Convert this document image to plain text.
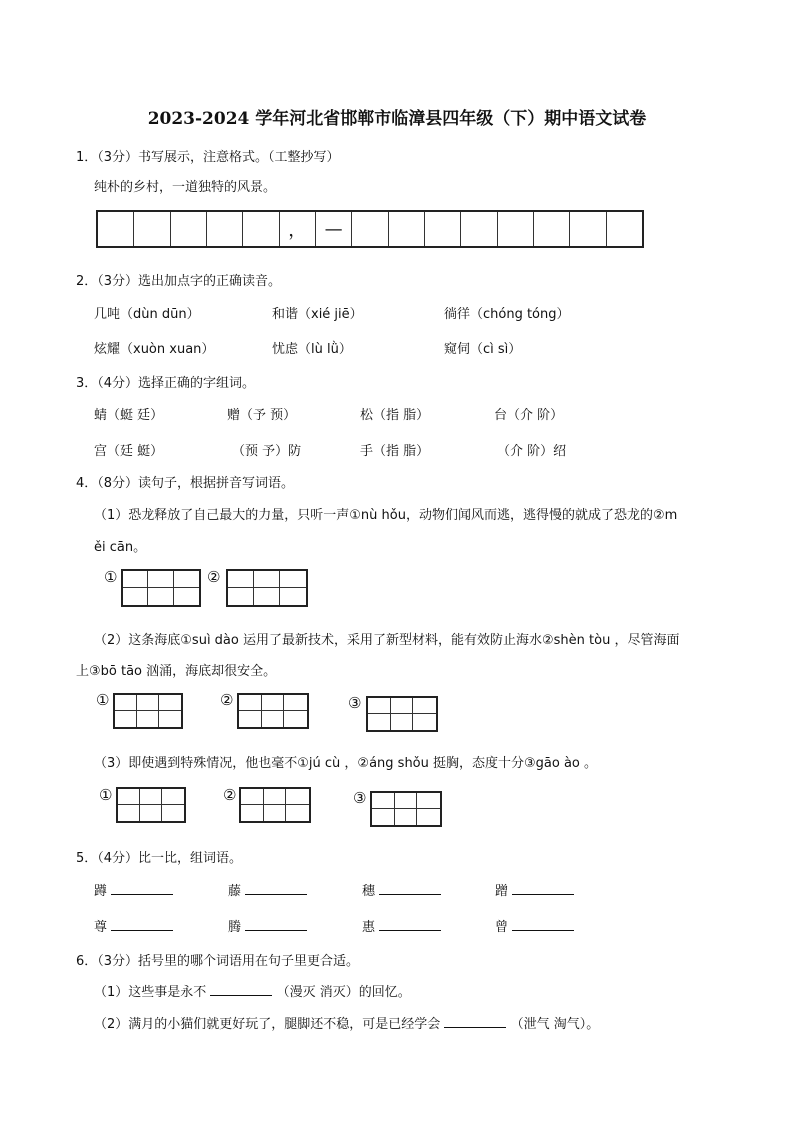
2023-2024 学年河北省邯郸市临漳县四年级（下）期中语文试卷
1．（3分）书写展示，注意格式。（工整抄写）
纯朴的乡村，一道独特的风景。
，	—
2．（3分）选出加点字的正确读音。
几吨（dùn dūn）	和谐（xié jiē）	徜徉（chóng tóng）
炫耀（xuòn xuan）	忧虑（lù lǜ）	窥伺（cì sì）
3．（4分）选择正确的字组词。
蜻（蜓 廷）	赠（予 预）	松（指 脂）	台（介 阶）
宫（廷 蜓）	（预 予）防	手（指 脂）	（介 阶）绍
4．（8分）读句子，根据拼音写词语。
（1）恐龙释放了自己最大的力量，只听一声①nù hǒu，动物们闻风而逃，逃得慢的就成了恐龙的②m
ěi cān。
①	②
（2）这条海底①suì dào 运用了最新技术，采用了新型材料，能有效防止海水②shèn tòu ，尽管海面
上③bō tāo 汹涌，海底却很安全。
①	②	③
（3）即使遇到特殊情况，他也毫不①jú cù ，②áng shǒu 挺胸，态度十分③gāo ào 。
①	②	③
5．（4分）比一比，组词语。
蹲	藤	穗	蹭
尊	腾	惠	曾
6．（3分）括号里的哪个词语用在句子里更合适。
（1）这些事是永不	（漫灭 消灭）的回忆。
（2）满月的小猫们就更好玩了，腿脚还不稳，可是已经学会	（泄气 淘气）。
